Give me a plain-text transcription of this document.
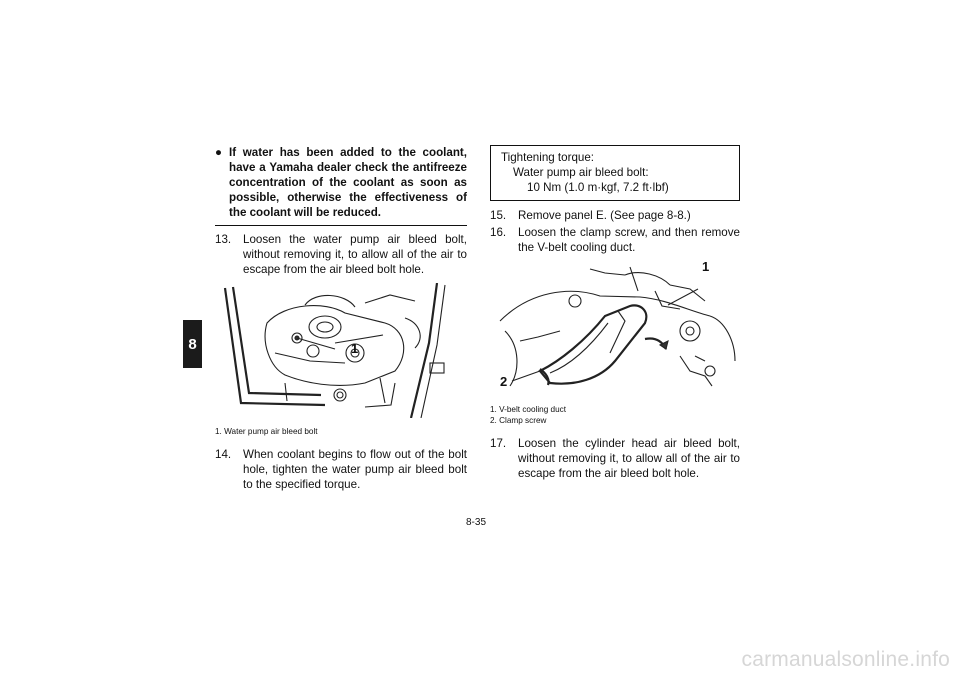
8
● If water has been added to the coolant, have a Yamaha dealer check the antifreeze concentration of the coolant as soon as possible, otherwise the effectiveness of the coolant will be reduced.
13. Loosen the water pump air bleed bolt, without removing it, to allow all of the air to escape from the air bleed bolt hole.
1
1. Water pump air bleed bolt
14. When coolant begins to flow out of the bolt hole, tighten the water pump air bleed bolt to the specified torque.
Tightening torque:
Water pump air bleed bolt:
10 Nm (1.0 m·kgf, 7.2 ft·lbf)
15. Remove panel E. (See page 8-8.)
16. Loosen the clamp screw, and then remove the V-belt cooling duct.
1
2
1. V-belt cooling duct
2. Clamp screw
17. Loosen the cylinder head air bleed bolt, without removing it, to allow all of the air to escape from the air bleed bolt hole.
8-35
carmanualsonline.info
